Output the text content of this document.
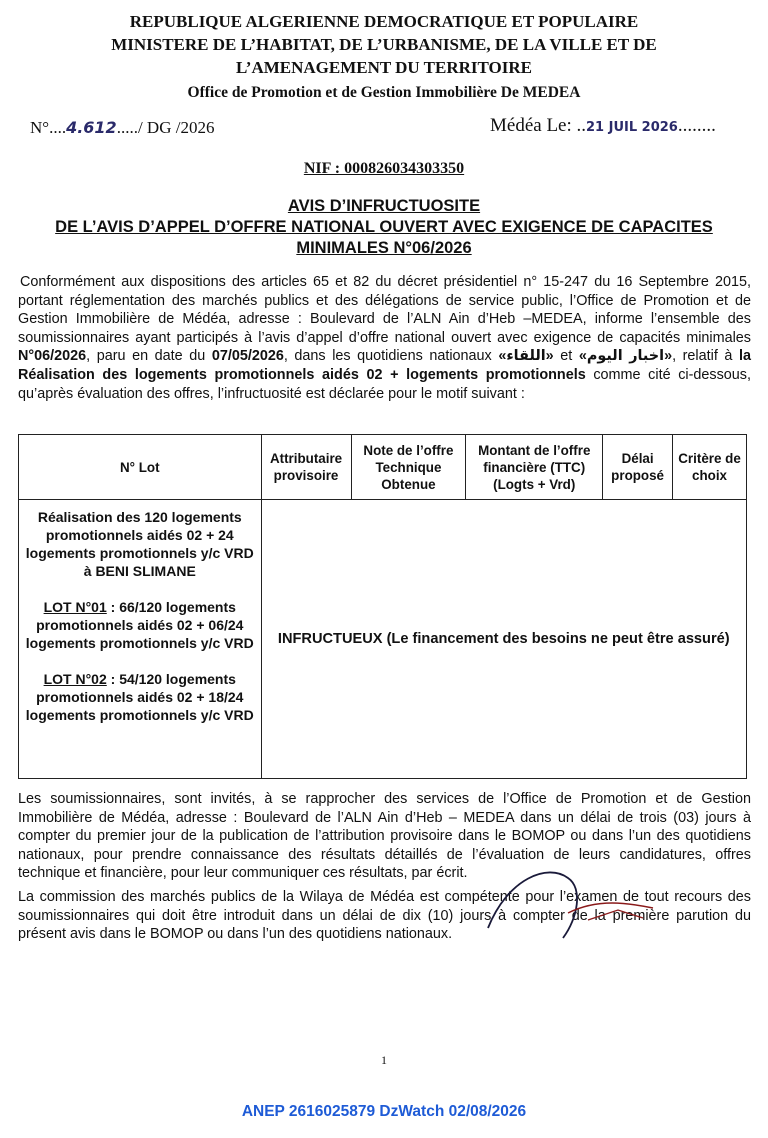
REPUBLIQUE ALGERIENNE DEMOCRATIQUE ET POPULAIRE
MINISTERE DE L’HABITAT, DE L’URBANISME, DE LA VILLE ET DE
L’AMENAGEMENT DU TERRITOIRE
Office de Promotion et de Gestion Immobilière De MEDEA
N°....4.612...../ DG /2026	Médéa Le: ..21 JUIL 2026........
NIF : 000826034303350
AVIS D’INFRUCTUOSITE
DE L’AVIS D’APPEL D’OFFRE NATIONAL OUVERT AVEC EXIGENCE DE CAPACITES
MINIMALES N°06/2026
Conformément aux dispositions des articles 65 et 82 du décret présidentiel n° 15-247 du 16 Septembre 2015, portant réglementation des marchés publics et des délégations de service public, l’Office de Promotion et de Gestion Immobilière de Médéa, adresse : Boulevard de l’ALN Ain d’Heb –MEDEA, informe l’ensemble des soumissionnaires ayant participés à l’avis d’appel d’offre national ouvert avec exigence de capacités minimales N°06/2026, paru en date du 07/05/2026, dans les quotidiens nationaux «اللقاء» et «اخبار اليوم», relatif à la Réalisation des logements promotionnels aidés 02 + logements promotionnels comme cité ci-dessous, qu’après évaluation des offres, l’infructuosité est déclarée pour le motif suivant :
N° Lot	Attributaire provisoire	Note de l’offre Technique Obtenue	Montant de l’offre financière (TTC) (Logts + Vrd)	Délai proposé	Critère de choix

Réalisation des 120 logements promotionnels aidés 02 + 24 logements promotionnels y/c VRD à BENI SLIMANE
LOT N°01 : 66/120 logements promotionnels aidés 02 + 06/24 logements promotionnels y/c VRD
LOT N°02 : 54/120 logements promotionnels aidés 02 + 18/24 logements promotionnels y/c VRD	INFRUCTUEUX (Le financement des besoins ne peut être assuré)				
Les soumissionnaires, sont invités, à se rapprocher des services de l’Office de Promotion et de Gestion Immobilière de Médéa, adresse : Boulevard de l’ALN Ain d’Heb – MEDEA dans un délai de trois (03) jours à compter du premier jour de la publication de l’attribution provisoire dans le BOMOP ou dans l’un des quotidiens nationaux, pour prendre connaissance des résultats détaillés de l’évaluation de leurs candidatures, offres technique et financière, pour leur communiquer ces résultats, par écrit.
La commission des marchés publics de la Wilaya de Médéa est compétente pour l’examen de tout recours des soumissionnaires qui doit être introduit dans un délai de dix (10) jours à compter de la première parution du présent avis dans le BOMOP ou dans l’un des quotidiens nationaux.
1
ANEP 2616025879 DzWatch 02/08/2026
